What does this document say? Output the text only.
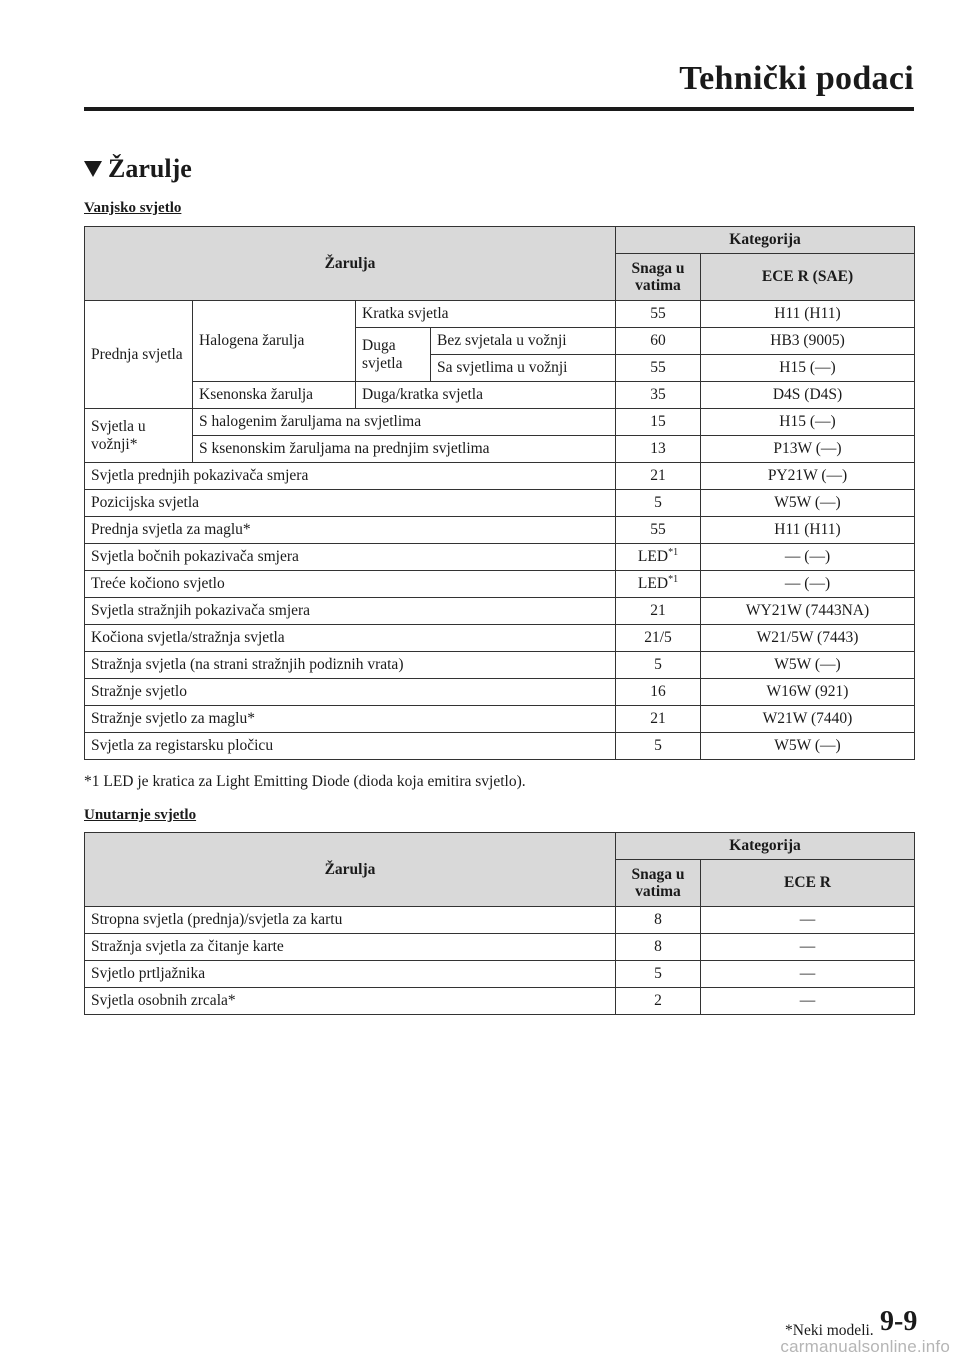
Tehnički podaci
Žarulje
Vanjsko svjetlo
Žarulja				Kategorija	
				Snaga u vatima	ECE R (SAE)
Prednja svjetla	Halogena žarulja	Kratka svjetla		55	H11 (H11)
		Duga svjetla	Bez svjetala u vožnji	60	HB3 (9005)
			Sa svjetlima u vožnji	55	H15 (—)
	Ksenonska žarulja	Duga/kratka svjetla		35	D4S (D4S)
Svjetla u vožnji*	S halogenim žaruljama na svjetlima			15	H15 (—)
	S ksenonskim žaruljama na prednjim svjetlima			13	P13W (—)
Svjetla prednjih pokazivača smjera				21	PY21W (—)
Pozicijska svjetla				5	W5W (—)
Prednja svjetla za maglu*				55	H11 (H11)
Svjetla bočnih pokazivača smjera				LED$^{*1}$	— (—)
Treće kočiono svjetlo				LED$^{*1}$	— (—)
Svjetla stražnjih pokazivača smjera				21	WY21W (7443NA)
Kočiona svjetla/stražnja svjetla				21/5	W21/5W (7443)
Stražnja svjetla (na strani stražnjih podiznih vrata)				5	W5W (—)
Stražnje svjetlo				16	W16W (921)
Stražnje svjetlo za maglu*				21	W21W (7440)
Svjetla za registarsku pločicu				5	W5W (—)
*1 LED je kratica za Light Emitting Diode (dioda koja emitira svjetlo).
Unutarnje svjetlo
Žarulja	Kategorija	
	Snaga u vatima	ECE R
Stropna svjetla (prednja)/svjetla za kartu	8	—
Stražnja svjetla za čitanje karte	8	—
Svjetlo prtljažnika	5	—
Svjetla osobnih zrcala*	2	—
*Neki modeli. 9-9
carmanualsonline.info
